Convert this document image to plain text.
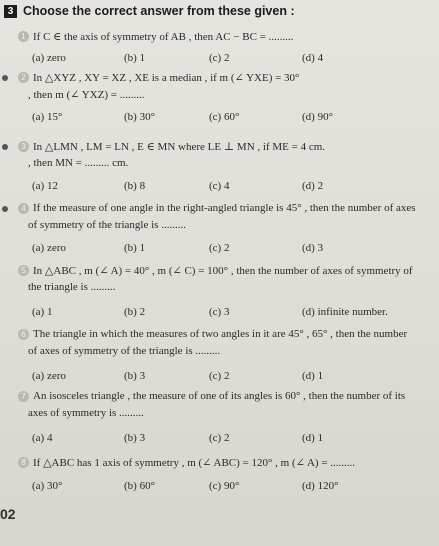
3 Choose the correct answer from these given :
1 If C ∈ the axis of symmetry of AB , then AC − BC = .........
(a) zero	(b) 1	(c) 2	(d) 4
2 In △XYZ , XY = XZ , XE is a median , if m (∠ YXE) = 30°
, then m (∠ YXZ) = .........
(a) 15°	(b) 30°	(c) 60°	(d) 90°
3 In △LMN , LM = LN , E ∈ MN where LE ⊥ MN , if ME = 4 cm.
, then MN = ......... cm.
(a) 12	(b) 8	(c) 4	(d) 2
4 If the measure of one angle in the right-angled triangle is 45° , then the number of axes
of symmetry of the triangle is .........
(a) zero	(b) 1	(c) 2	(d) 3
5 In △ABC , m (∠ A) = 40° , m (∠ C) = 100° , then the number of axes of symmetry of
the triangle is .........
(a) 1	(b) 2	(c) 3	(d) infinite number.
6 The triangle in which the measures of two angles in it are 45° , 65° , then the number
of axes of symmetry of the triangle is .........
(a) zero	(b) 3	(c) 2	(d) 1
7 An isosceles triangle , the measure of one of its angles is 60° , then the number of its
axes of symmetry is .........
(a) 4	(b) 3	(c) 2	(d) 1
8 If △ABC has 1 axis of symmetry , m (∠ ABC) = 120° , m (∠ A) = .........
(a) 30°	(b) 60°	(c) 90°	(d) 120°
02
